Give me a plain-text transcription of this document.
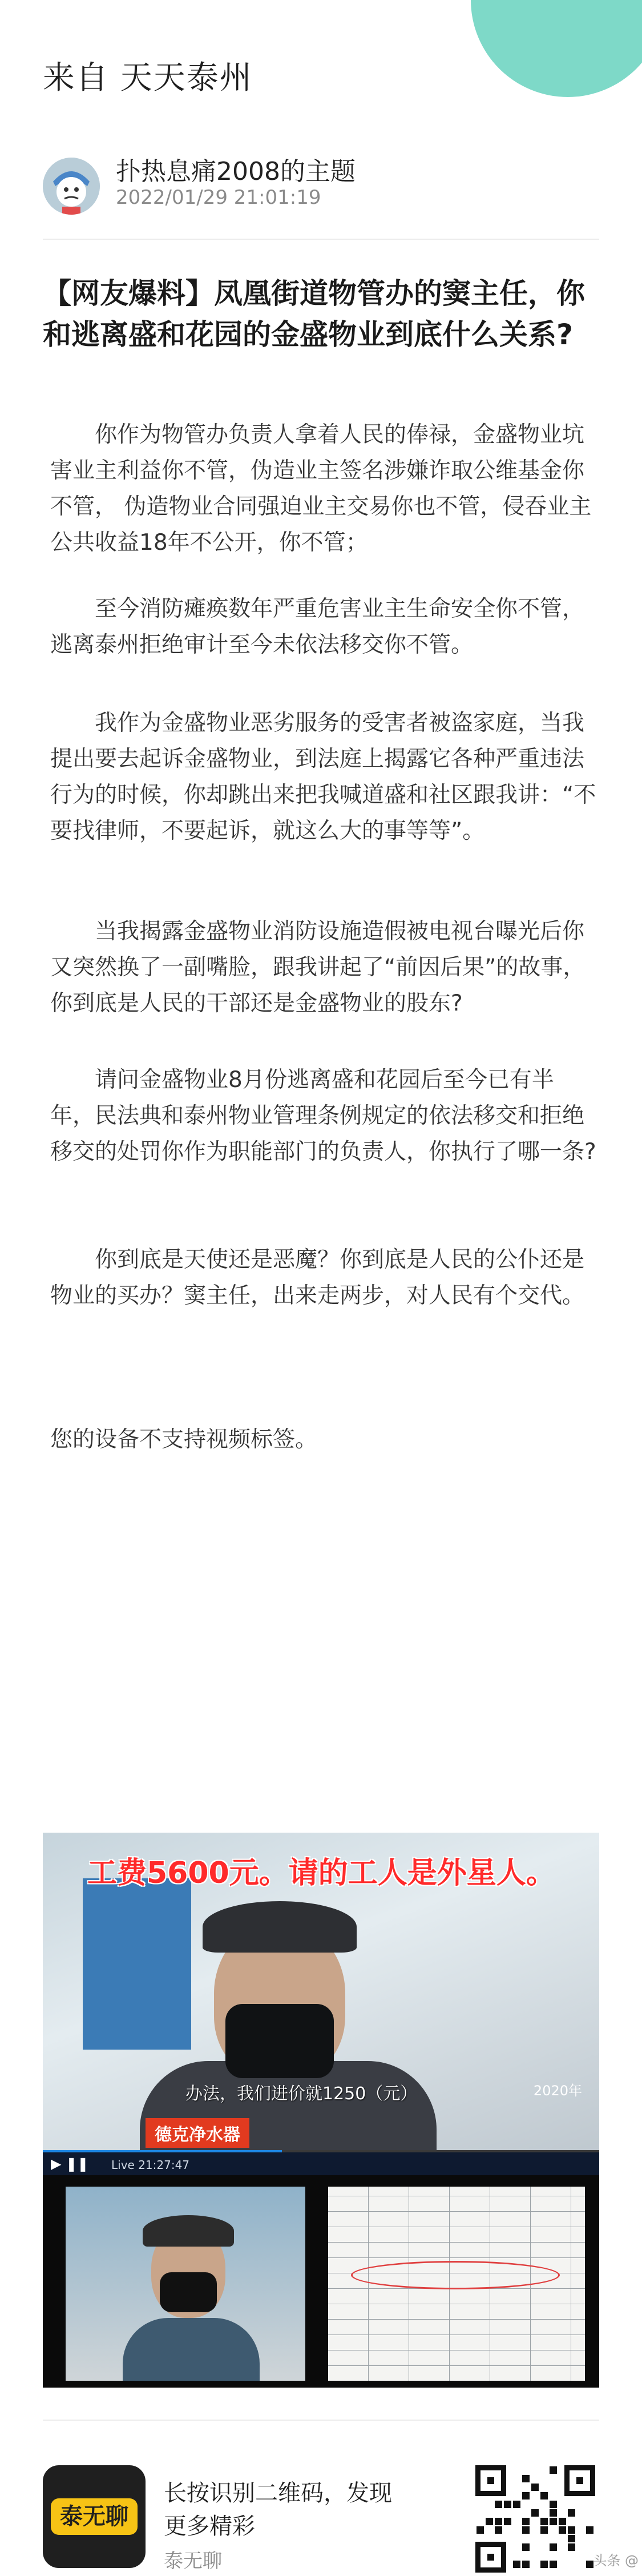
来自 天天泰州
扑热息痛2008的主题
2022/01/29 21:01:19
【网友爆料】凤凰街道物管办的窦主任，你和逃离盛和花园的金盛物业到底什么关系?
你作为物管办负责人拿着人民的俸禄，金盛物业坑害业主利益你不管，伪造业主签名涉嫌诈取公维基金你不管， 伪造物业合同强迫业主交易你也不管，侵吞业主公共收益18年不公开，你不管；
至今消防瘫痪数年严重危害业主生命安全你不管，逃离泰州拒绝审计至今未依法移交你不管。
我作为金盛物业恶劣服务的受害者被盗家庭，当我提出要去起诉金盛物业，到法庭上揭露它各种严重违法行为的时候，你却跳出来把我喊道盛和社区跟我讲：“不要找律师，不要起诉，就这么大的事等等”。
当我揭露金盛物业消防设施造假被电视台曝光后你又突然换了一副嘴脸，跟我讲起了“前因后果”的故事，你到底是人民的干部还是金盛物业的股东?
请问金盛物业8月份逃离盛和花园后至今已有半年，民法典和泰州物业管理条例规定的依法移交和拒绝移交的处罚你作为职能部门的负责人，你执行了哪一条?
你到底是天使还是恶魔？你到底是人民的公仆还是物业的买办？窦主任，出来走两步，对人民有个交代。
您的设备不支持视频标签。
工费5600元。请的工人是外星人。
办法，我们进价就1250（元）	2020年
德克净水器
▶ ❚❚ Live 21:27:47
泰无聊
长按识别二维码，发现更多精彩
泰无聊	头条 @
